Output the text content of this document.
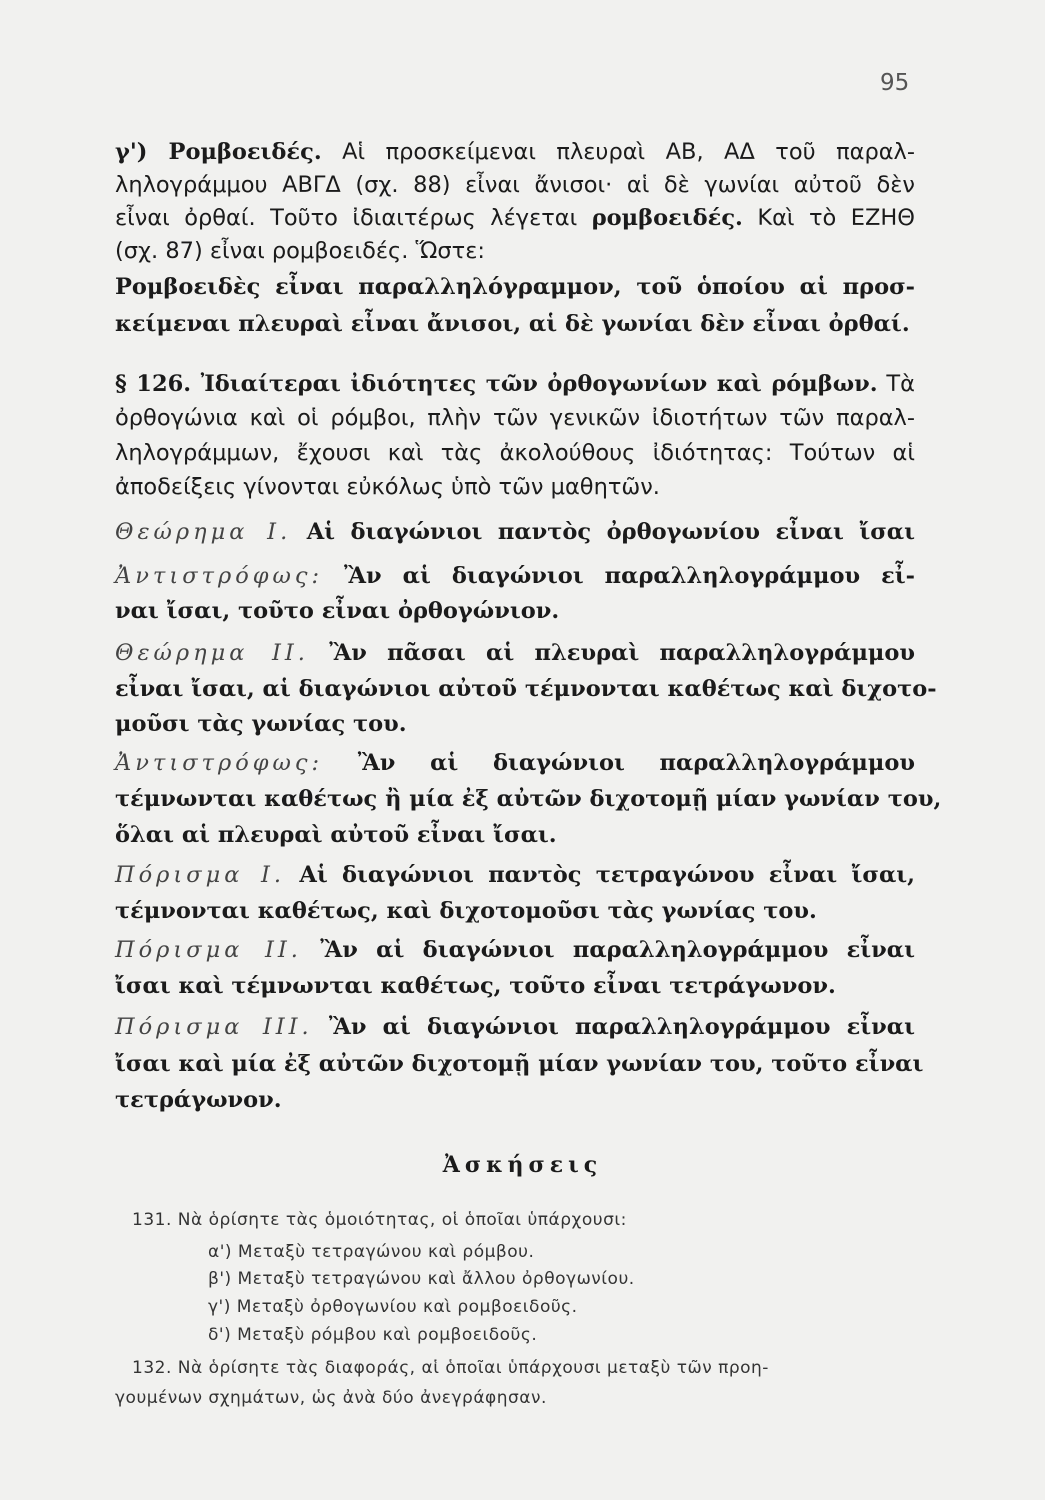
95
γ') Ρομβοειδές. Αἱ προσκείμεναι πλευραὶ ΑΒ, ΑΔ τοῦ παραλ-
ληλογράμμου ΑΒΓΔ (σχ. 88) εἶναι ἄνισοι· αἱ δὲ γωνίαι αὐτοῦ δὲν
εἶναι ὀρθαί. Τοῦτο ἰδιαιτέρως λέγεται ρομβοειδές. Καὶ τὸ ΕΖΗΘ
(σχ. 87) εἶναι ρομβοειδές. Ὥστε:
Ρομβοειδὲς εἶναι παραλληλόγραμμον, τοῦ ὁποίου αἱ προσ-
κείμεναι πλευραὶ εἶναι ἄνισοι, αἱ δὲ γωνίαι δὲν εἶναι ὀρθαί.
§ 126. Ἰδιαίτεραι ἰδιότητες τῶν ὀρθογωνίων καὶ ρόμβων. Τὰ
ὀρθογώνια καὶ οἱ ρόμβοι, πλὴν τῶν γενικῶν ἰδιοτήτων τῶν παραλ-
ληλογράμμων, ἔχουσι καὶ τὰς ἀκολούθους ἰδιότητας: Τούτων αἱ
ἀποδείξεις γίνονται εὐκόλως ὑπὸ τῶν μαθητῶν.
Θεώρημα Ι. Αἱ διαγώνιοι παντὸς ὀρθογωνίου εἶναι ἴσαι
Ἀντιστρόφως: Ἂν αἱ διαγώνιοι παραλληλογράμμου εἶ-
ναι ἴσαι, τοῦτο εἶναι ὀρθογώνιον.
Θεώρημα ΙΙ. Ἂν πᾶσαι αἱ πλευραὶ παραλληλογράμμου
εἶναι ἴσαι, αἱ διαγώνιοι αὐτοῦ τέμνονται καθέτως καὶ διχοτο-
μοῦσι τὰς γωνίας του.
Ἀντιστρόφως: Ἂν αἱ διαγώνιοι παραλληλογράμμου
τέμνωνται καθέτως ἢ μία ἐξ αὐτῶν διχοτομῇ μίαν γωνίαν του,
ὅλαι αἱ πλευραὶ αὐτοῦ εἶναι ἴσαι.
Πόρισμα Ι. Αἱ διαγώνιοι παντὸς τετραγώνου εἶναι ἴσαι,
τέμνονται καθέτως, καὶ διχοτομοῦσι τὰς γωνίας του.
Πόρισμα ΙΙ. Ἂν αἱ διαγώνιοι παραλληλογράμμου εἶναι
ἴσαι καὶ τέμνωνται καθέτως, τοῦτο εἶναι τετράγωνον.
Πόρισμα ΙΙΙ. Ἂν αἱ διαγώνιοι παραλληλογράμμου εἶναι
ἴσαι καὶ μία ἐξ αὐτῶν διχοτομῇ μίαν γωνίαν του, τοῦτο εἶναι
τετράγωνον.
Ἀσκήσεις
131. Νὰ ὁρίσητε τὰς ὁμοιότητας, οἱ ὁποῖαι ὑπάρχουσι:
α') Μεταξὺ τετραγώνου καὶ ρόμβου.
β') Μεταξὺ τετραγώνου καὶ ἄλλου ὀρθογωνίου.
γ') Μεταξὺ ὀρθογωνίου καὶ ρομβοειδοῦς.
δ') Μεταξὺ ρόμβου καὶ ρομβοειδοῦς.
132. Νὰ ὁρίσητε τὰς διαφοράς, αἱ ὁποῖαι ὑπάρχουσι μεταξὺ τῶν προη-
γουμένων σχημάτων, ὡς ἀνὰ δύο ἀνεγράφησαν.
